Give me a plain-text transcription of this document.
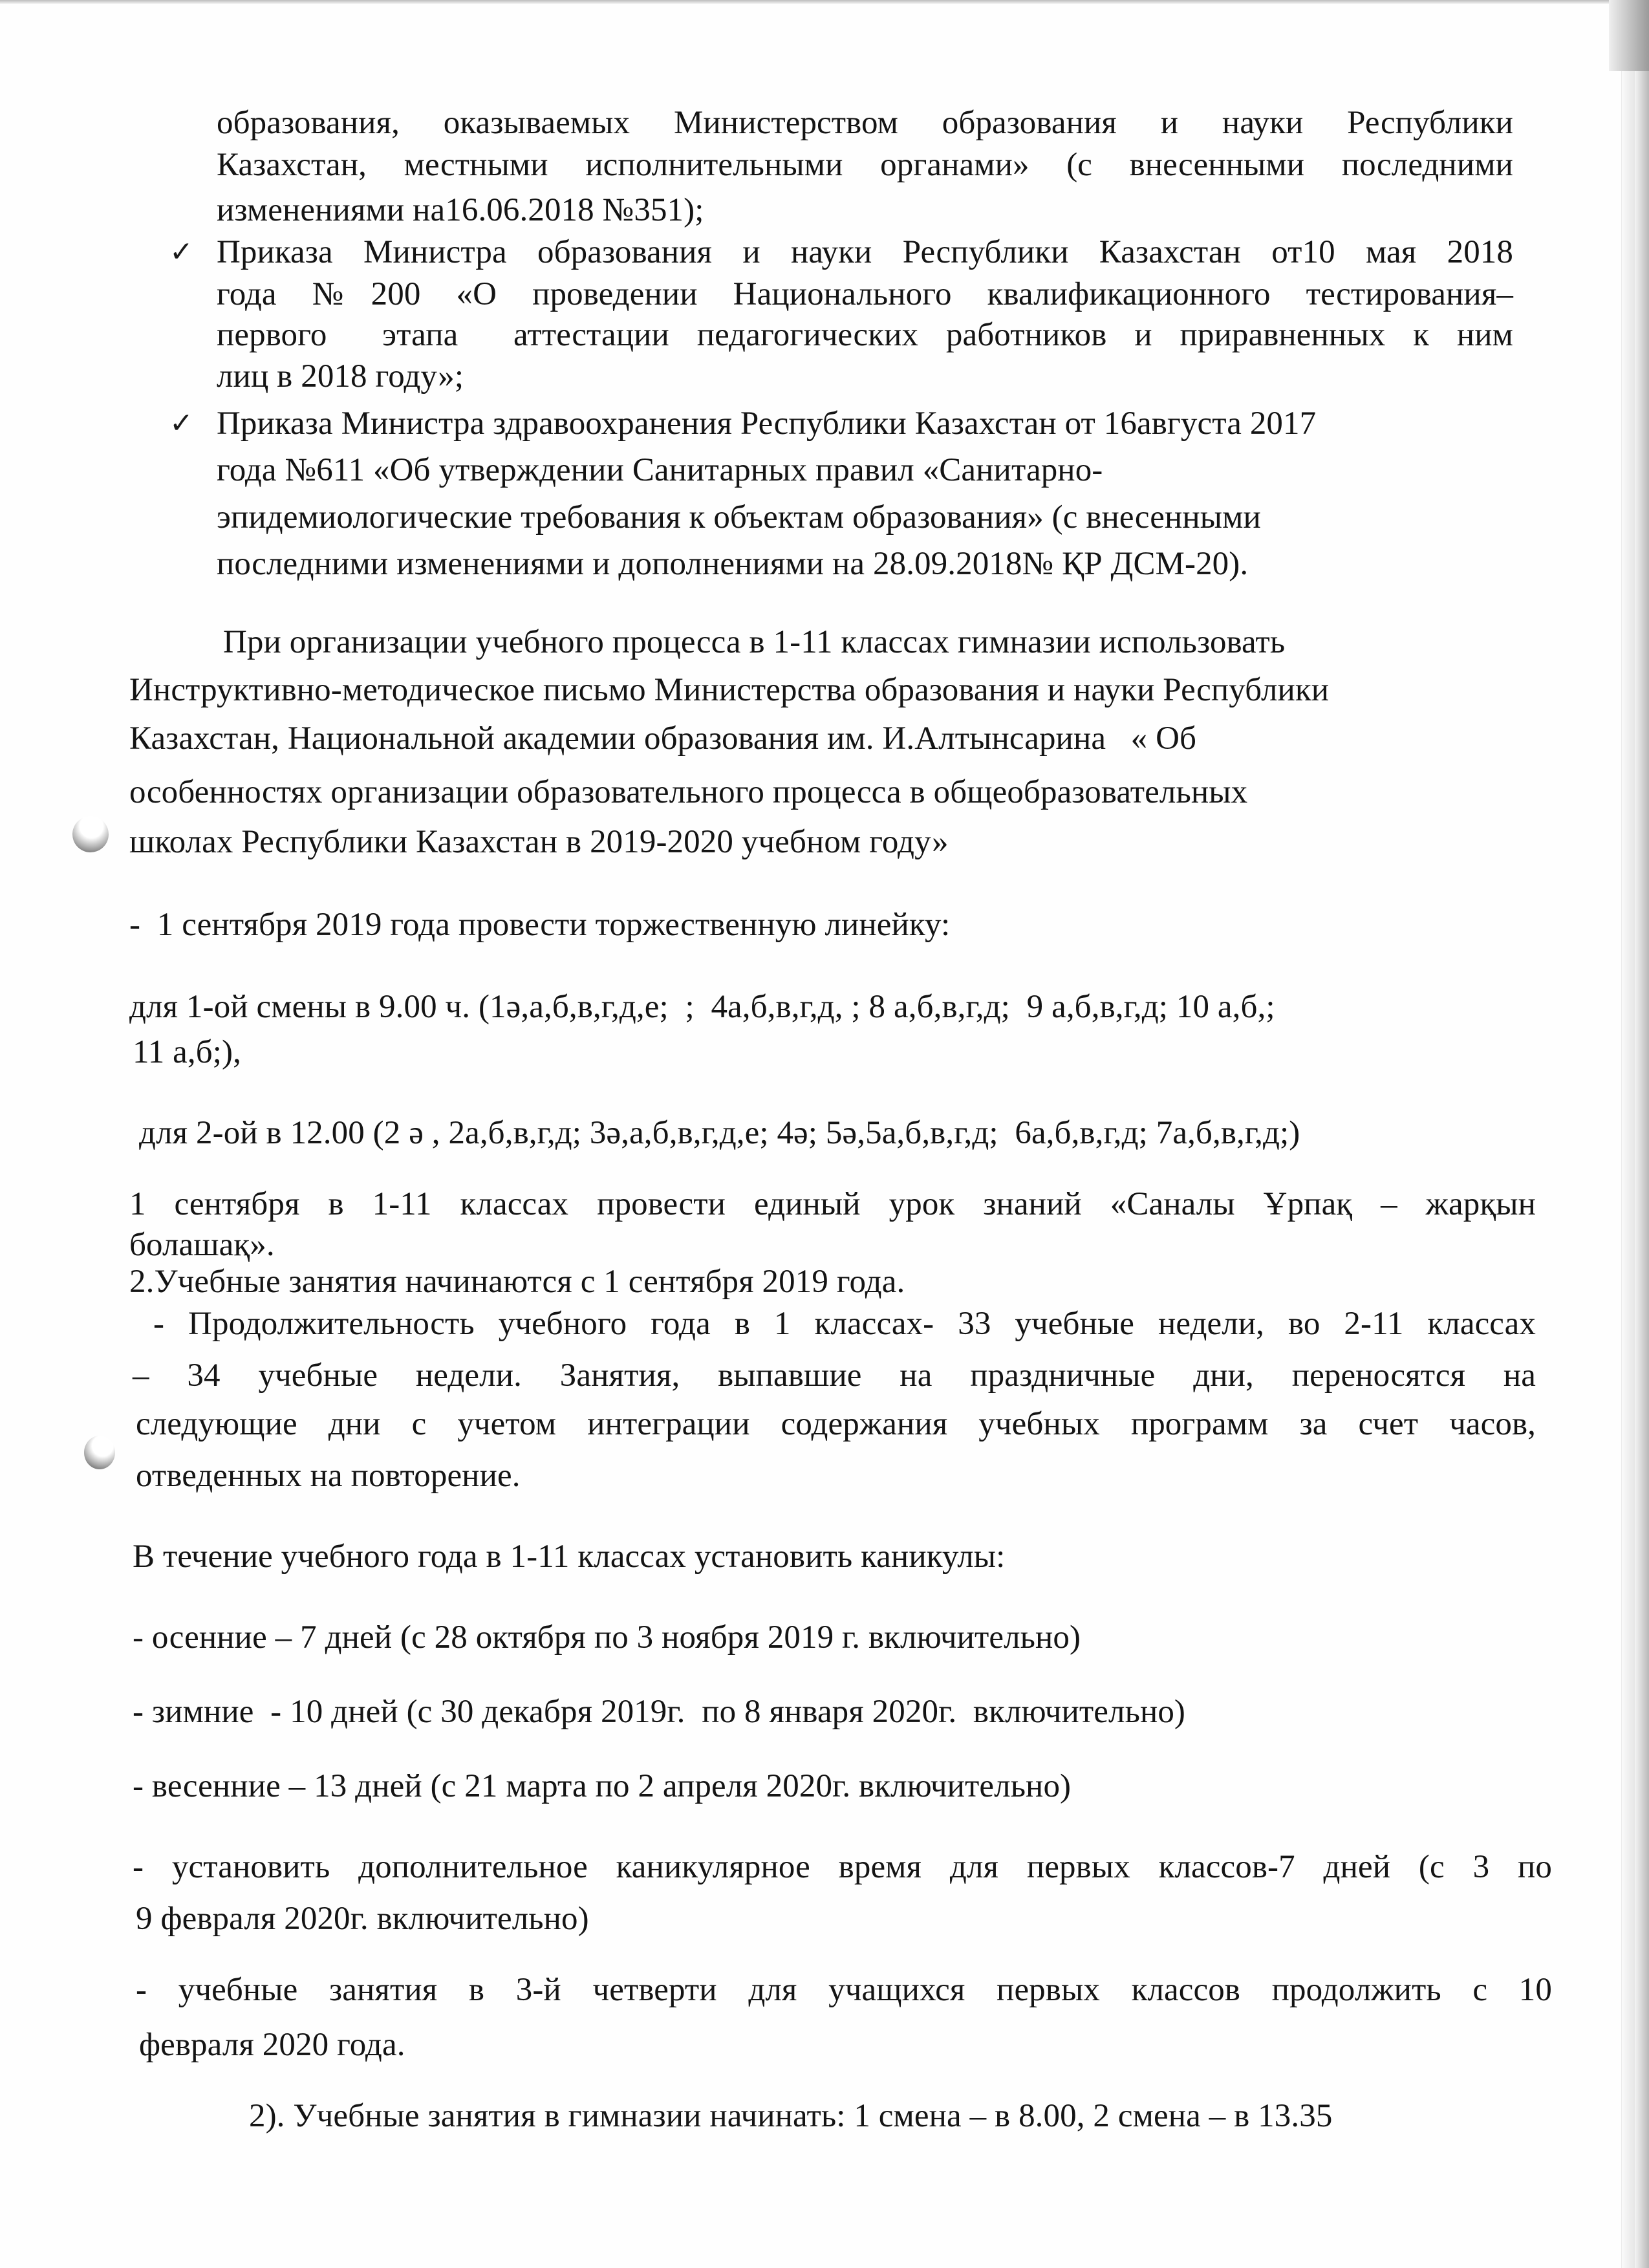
образования, оказываемых Министерством образования и науки Республики
Казахстан, местными исполнительными органами» (с внесенными последними
изменениями на16.06.2018 №351);
✓ Приказа Министра образования и науки Республики Казахстан от10 мая 2018
года №200 «О проведении Национального квалификационного тестирования–
первого  этапа  аттестации педагогических работников и приравненных к ним
лиц в 2018 году»;
✓ Приказа Министра здравоохранения Республики Казахстан от 16августа 2017
года №611 «Об утверждении Санитарных правил «Санитарно-
эпидемиологические требования к объектам образования» (с внесенными
последними изменениями и дополнениями на 28.09.2018№ ҚР ДСМ-20).
При организации учебного процесса в 1-11 классах гимназии использовать
Инструктивно-методическое письмо Министерства образования и науки Республики
Казахстан, Национальной академии образования им. И.Алтынсарина   « Об
особенностях организации образовательного процесса в общеобразовательных
школах Республики Казахстан в 2019-2020 учебном году»
-  1 сентября 2019 года провести торжественную линейку:
для 1-ой смены в 9.00 ч. (1ә,а,б,в,г,д,е;  ;  4а,б,в,г,д, ; 8 а,б,в,г,д;  9 а,б,в,г,д; 10 а,б,;
11 а,б;),
для 2-ой в 12.00 (2 ә , 2а,б,в,г,д; 3ә,а,б,в,г,д,е; 4ә; 5ә,5а,б,в,г,д;  6а,б,в,г,д; 7а,б,в,г,д;)
1 сентября в 1-11 классах провести единый урок знаний «Саналы Ұрпақ – жарқын
болашақ».
2.Учебные занятия начинаются с 1 сентября 2019 года.
- Продолжительность учебного года в 1 классах- 33 учебные недели, во 2-11 классах
– 34 учебные недели. Занятия, выпавшие на праздничные дни, переносятся на
следующие дни с учетом интеграции содержания учебных программ за счет часов,
отведенных на повторение.
В течение учебного года в 1-11 классах установить каникулы:
- осенние – 7 дней (с 28 октября по 3 ноября 2019 г. включительно)
- зимние  - 10 дней (с 30 декабря 2019г.  по 8 января 2020г.  включительно)
- весенние – 13 дней (с 21 марта по 2 апреля 2020г. включительно)
- установить дополнительное каникулярное время для первых классов-7 дней (с 3 по
9 февраля 2020г. включительно)
- учебные занятия в 3-й четверти для учащихся первых классов продолжить с 10
февраля 2020 года.
2). Учебные занятия в гимназии начинать: 1 смена – в 8.00, 2 смена – в 13.35
